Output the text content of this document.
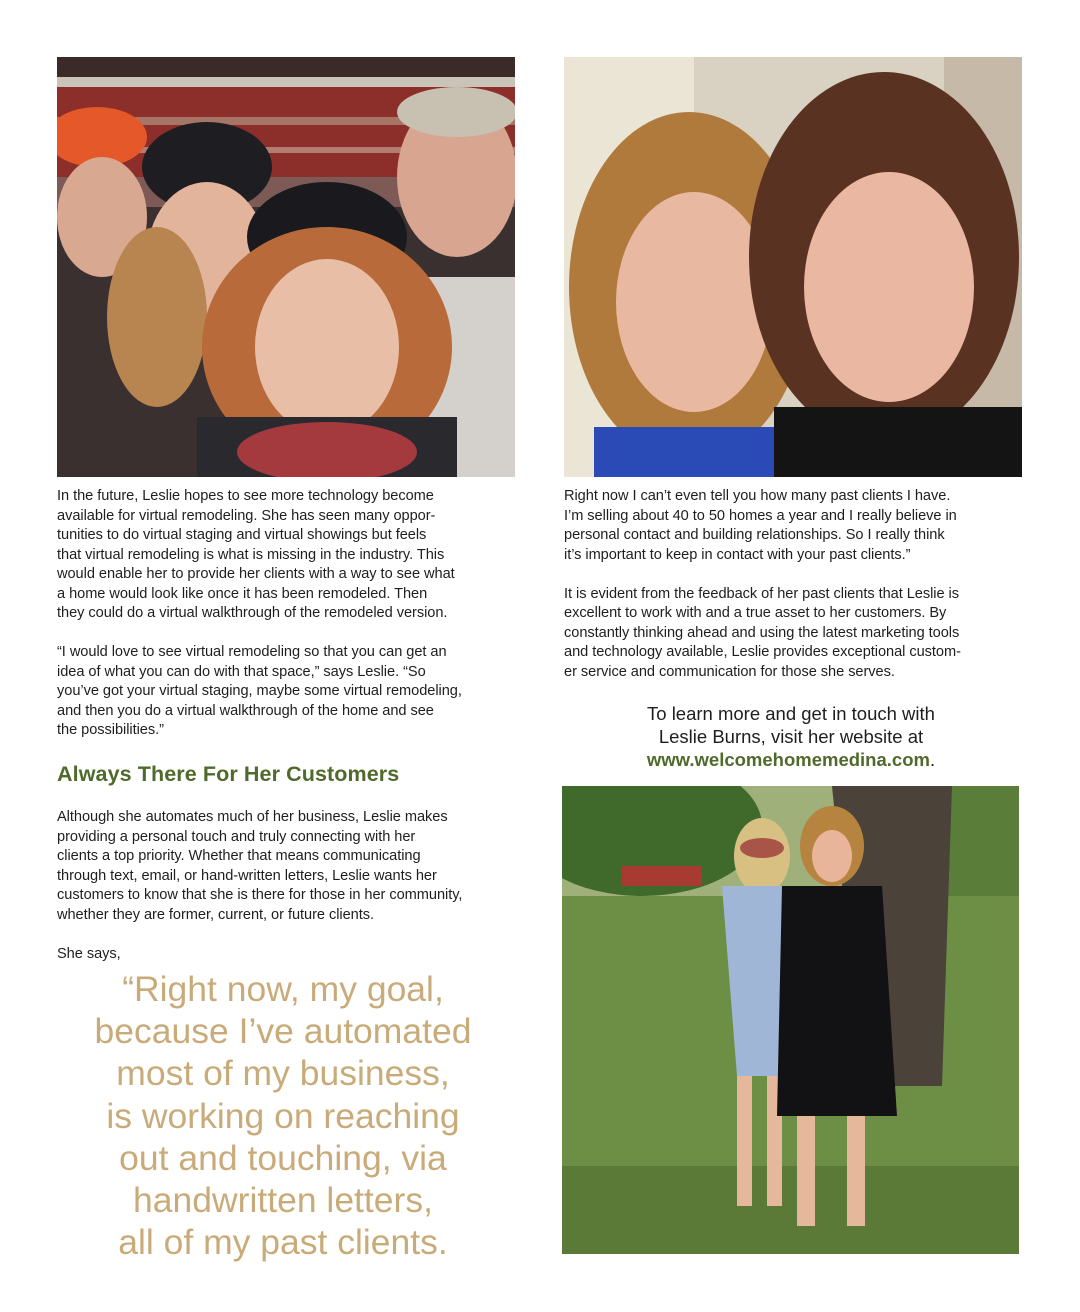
In the future, Leslie hopes to see more technology become
available for virtual remodeling. She has seen many oppor-
tunities to do virtual staging and virtual showings but feels
that virtual remodeling is what is missing in the industry. This
would enable her to provide her clients with a way to see what
a home would look like once it has been remodeled. Then
they could do a virtual walkthrough of the remodeled version.

“I would love to see virtual remodeling so that you can get an
idea of what you can do with that space,” says Leslie. “So
you’ve got your virtual staging, maybe some virtual remodeling,
and then you do a virtual walkthrough of the home and see
the possibilities.”

Always There For Her Customers

Although she automates much of her business, Leslie makes
providing a personal touch and truly connecting with her
clients a top priority. Whether that means communicating
through text, email, or hand-written letters, Leslie wants her
customers to know that she is there for those in her community,
whether they are former, current, or future clients.

She says,

“Right now, my goal,
because I’ve automated
most of my business,
is working on reaching
out and touching, via
handwritten letters,
all of my past clients.

Right now I can’t even tell you how many past clients I have.
I’m selling about 40 to 50 homes a year and I really believe in
personal contact and building relationships. So I really think
it’s important to keep in contact with your past clients.”

It is evident from the feedback of her past clients that Leslie is
excellent to work with and a true asset to her customers. By
constantly thinking ahead and using the latest marketing tools
and technology available, Leslie provides exceptional custom-
er service and communication for those she serves.

To learn more and get in touch with
Leslie Burns, visit her website at
www.welcomehomemedina.com.
